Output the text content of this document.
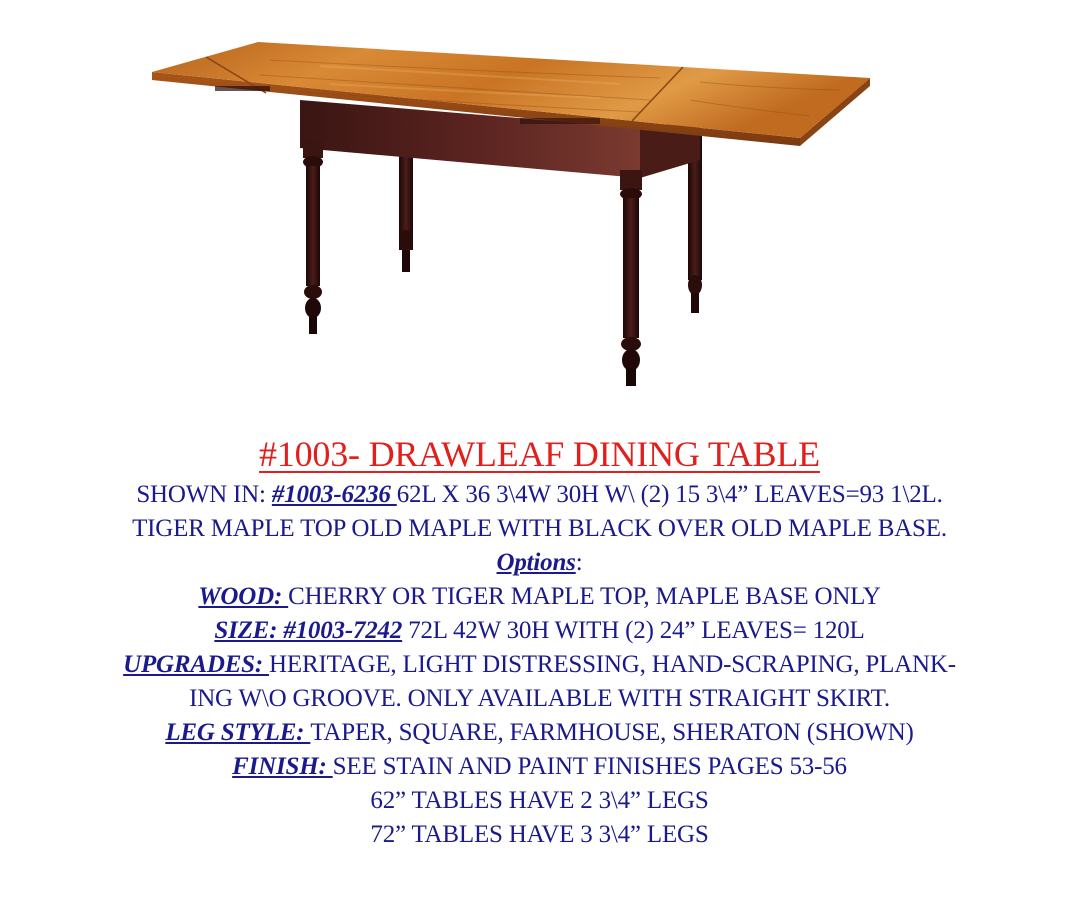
#1003- DRAWLEAF DINING TABLE
SHOWN IN: #1003-6236 62L X 36 3\4W 30H W\ (2) 15 3\4” LEAVES=93 1\2L.
TIGER MAPLE TOP OLD MAPLE WITH BLACK OVER OLD MAPLE BASE.
Options:
WOOD: CHERRY OR TIGER MAPLE TOP, MAPLE BASE ONLY
SIZE: #1003-7242 72L 42W 30H WITH (2) 24” LEAVES= 120L
UPGRADES: HERITAGE, LIGHT DISTRESSING, HAND-SCRAPING, PLANK-
ING W\O GROOVE. ONLY AVAILABLE WITH STRAIGHT SKIRT.
LEG STYLE: TAPER, SQUARE, FARMHOUSE, SHERATON (SHOWN)
FINISH: SEE STAIN AND PAINT FINISHES PAGES 53-56
62” TABLES HAVE 2 3\4” LEGS
72” TABLES HAVE 3 3\4” LEGS
